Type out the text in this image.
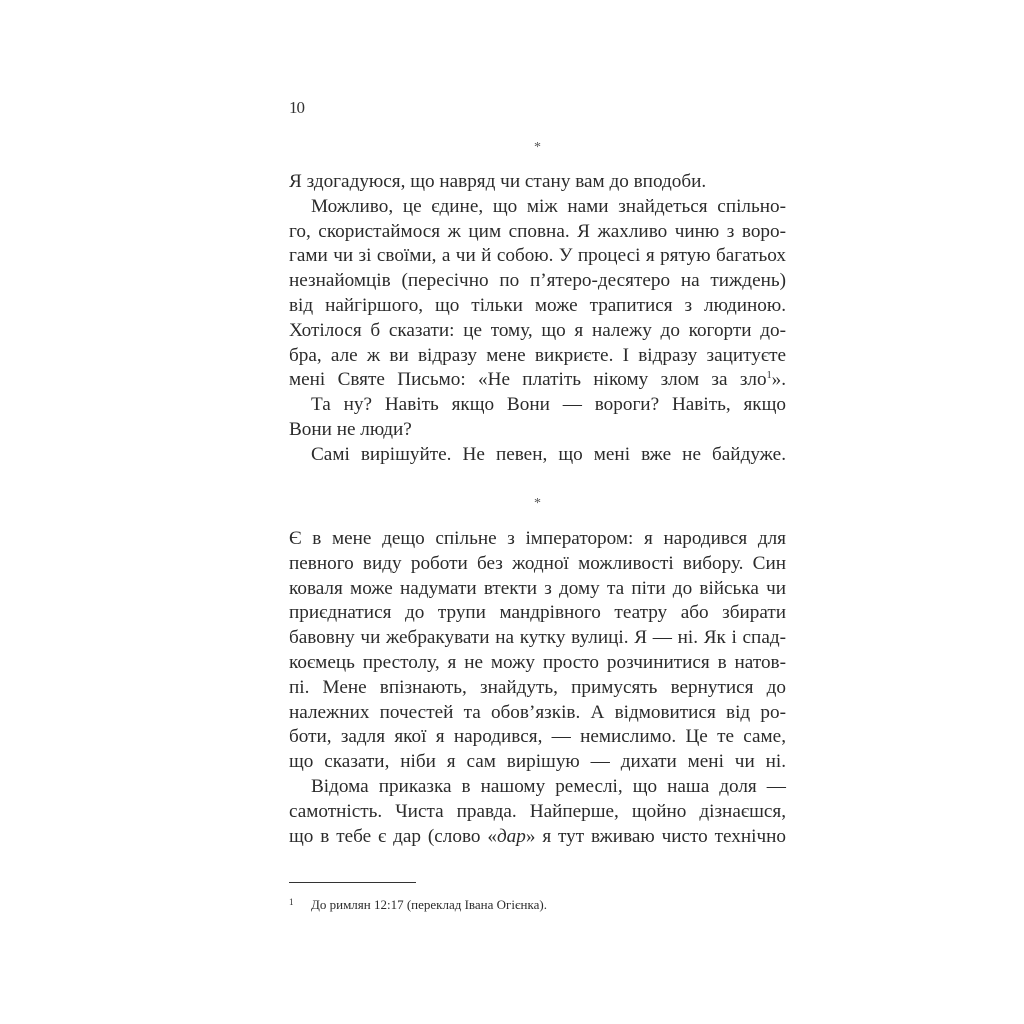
10
*
Я здогадуюся, що навряд чи стану вам до вподоби.
Можливо, це єдине, що між нами знайдеться спільно-
го, скористаймося ж цим сповна. Я жахливо чиню з воро-
гами чи зі своїми, а чи й собою. У процесі я рятую багатьох
незнайомців (пересічно по п’ятеро-десятеро на тиждень)
від найгіршого, що тільки може трапитися з людиною.
Хотілося б сказати: це тому, що я належу до когорти до-
бра, але ж ви відразу мене викриєте. І відразу зацитуєте
мені Святе Письмо: «Не платіть нікому злом за зло$^1$».
Та ну? Навіть якщо Вони — вороги? Навіть, якщо
Вони не люди?
Самі вирішуйте. Не певен, що мені вже не байдуже.
*
Є в мене дещо спільне з імператором: я народився для
певного виду роботи без жодної можливості вибору. Син
коваля може надумати втекти з дому та піти до війська чи
приєднатися до трупи мандрівного театру або збирати
бавовну чи жебракувати на кутку вулиці. Я — ні. Як і спад-
коємець престолу, я не можу просто розчинитися в натов-
пі. Мене впізнають, знайдуть, примусять вернутися до
належних почестей та обов’язків. А відмовитися від ро-
боти, задля якої я народився, — немислимо. Це те саме,
що сказати, ніби я сам вирішую — дихати мені чи ні.
Відома приказка в нашому ремеслі, що наша доля —
самотність. Чиста правда. Найперше, щойно дізнаєшся,
що в тебе є дар (слово «дар» я тут вживаю чисто технічно
1 До римлян 12:17 (переклад Івана Огієнка).
